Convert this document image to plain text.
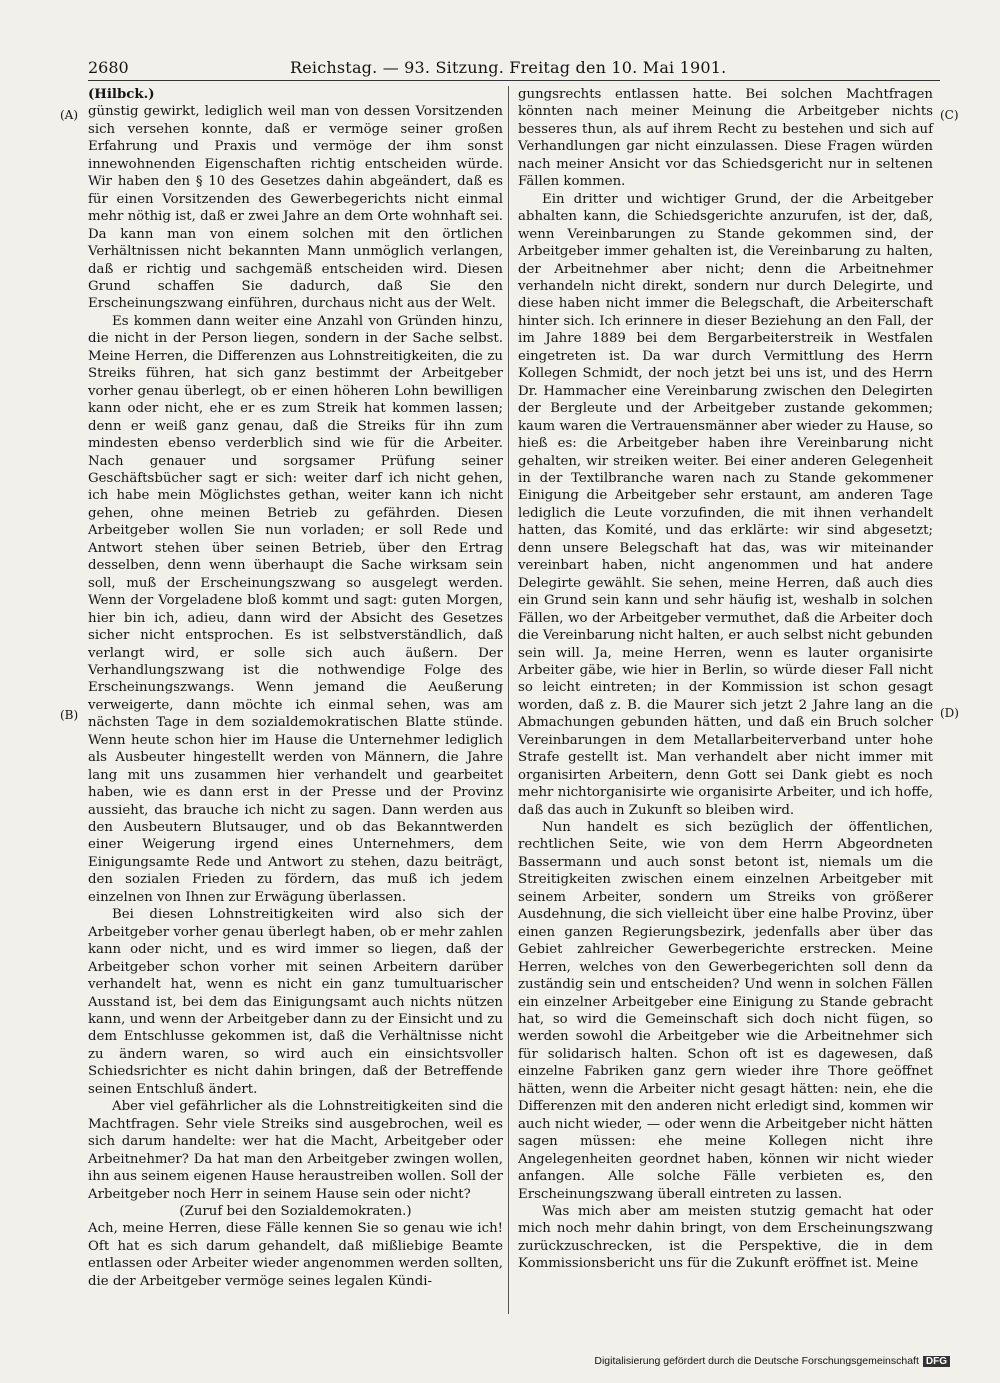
2680	Reichstag. — 93. Sitzung. Freitag den 10. Mai 1901.
(A)
(B)
(C)
(D)

(Hilbck.)

günstig gewirkt, lediglich weil man von dessen Vorsitzenden sich versehen konnte, daß er vermöge seiner großen Erfahrung und Praxis und vermöge der ihm sonst innewohnenden Eigenschaften richtig entscheiden würde. Wir haben den § 10 des Gesetzes dahin abgeändert, daß es für einen Vorsitzenden des Gewerbegerichts nicht einmal mehr nöthig ist, daß er zwei Jahre an dem Orte wohnhaft sei. Da kann man von einem solchen mit den örtlichen Verhältnissen nicht bekannten Mann unmöglich verlangen, daß er richtig und sachgemäß entscheiden wird. Diesen Grund schaffen Sie dadurch, daß Sie den Erscheinungszwang einführen, durchaus nicht aus der Welt.

Es kommen dann weiter eine Anzahl von Gründen hinzu, die nicht in der Person liegen, sondern in der Sache selbst. Meine Herren, die Differenzen aus Lohnstreitigkeiten, die zu Streiks führen, hat sich ganz bestimmt der Arbeitgeber vorher genau überlegt, ob er einen höheren Lohn bewilligen kann oder nicht, ehe er es zum Streik hat kommen lassen; denn er weiß ganz genau, daß die Streiks für ihn zum mindesten ebenso verderblich sind wie für die Arbeiter. Nach genauer und sorgsamer Prüfung seiner Geschäftsbücher sagt er sich: weiter darf ich nicht gehen, ich habe mein Möglichstes gethan, weiter kann ich nicht gehen, ohne meinen Betrieb zu gefährden. Diesen Arbeitgeber wollen Sie nun vorladen; er soll Rede und Antwort stehen über seinen Betrieb, über den Ertrag desselben, denn wenn überhaupt die Sache wirksam sein soll, muß der Erscheinungszwang so ausgelegt werden. Wenn der Vorgeladene bloß kommt und sagt: guten Morgen, hier bin ich, adieu, dann wird der Absicht des Gesetzes sicher nicht entsprochen. Es ist selbstverständlich, daß verlangt wird, er solle sich auch äußern. Der Verhandlungszwang ist die nothwendige Folge des Erscheinungszwangs. Wenn jemand die Aeußerung verweigerte, dann möchte ich einmal sehen, was am nächsten Tage in dem sozialdemokratischen Blatte stünde. Wenn heute schon hier im Hause die Unternehmer lediglich als Ausbeuter hingestellt werden von Männern, die Jahre lang mit uns zusammen hier verhandelt und gearbeitet haben, wie es dann erst in der Presse und der Provinz aussieht, das brauche ich nicht zu sagen. Dann werden aus den Ausbeutern Blutsauger, und ob das Bekanntwerden einer Weigerung irgend eines Unternehmers, dem Einigungsamte Rede und Antwort zu stehen, dazu beiträgt, den sozialen Frieden zu fördern, das muß ich jedem einzelnen von Ihnen zur Erwägung überlassen.

Bei diesen Lohnstreitigkeiten wird also sich der Arbeitgeber vorher genau überlegt haben, ob er mehr zahlen kann oder nicht, und es wird immer so liegen, daß der Arbeitgeber schon vorher mit seinen Arbeitern darüber verhandelt hat, wenn es nicht ein ganz tumultuarischer Ausstand ist, bei dem das Einigungsamt auch nichts nützen kann, und wenn der Arbeitgeber dann zu der Einsicht und zu dem Entschlusse gekommen ist, daß die Verhältnisse nicht zu ändern waren, so wird auch ein einsichtsvoller Schiedsrichter es nicht dahin bringen, daß der Betreffende seinen Entschluß ändert.

Aber viel gefährlicher als die Lohnstreitigkeiten sind die Machtfragen. Sehr viele Streiks sind ausgebrochen, weil es sich darum handelte: wer hat die Macht, Arbeitgeber oder Arbeitnehmer? Da hat man den Arbeitgeber zwingen wollen, ihn aus seinem eigenen Hause heraustreiben wollen. Soll der Arbeitgeber noch Herr in seinem Hause sein oder nicht?

(Zuruf bei den Sozialdemokraten.)

Ach, meine Herren, diese Fälle kennen Sie so genau wie ich! Oft hat es sich darum gehandelt, daß mißliebige Beamte entlassen oder Arbeiter wieder angenommen werden sollten, die der Arbeitgeber vermöge seines legalen Kündi-

gungsrechts entlassen hatte. Bei solchen Machtfragen könnten nach meiner Meinung die Arbeitgeber nichts besseres thun, als auf ihrem Recht zu bestehen und sich auf Verhandlungen gar nicht einzulassen. Diese Fragen würden nach meiner Ansicht vor das Schiedsgericht nur in seltenen Fällen kommen.

Ein dritter und wichtiger Grund, der die Arbeitgeber abhalten kann, die Schiedsgerichte anzurufen, ist der, daß, wenn Vereinbarungen zu Stande gekommen sind, der Arbeitgeber immer gehalten ist, die Vereinbarung zu halten, der Arbeitnehmer aber nicht; denn die Arbeitnehmer verhandeln nicht direkt, sondern nur durch Delegirte, und diese haben nicht immer die Belegschaft, die Arbeiterschaft hinter sich. Ich erinnere in dieser Beziehung an den Fall, der im Jahre 1889 bei dem Bergarbeiterstreik in Westfalen eingetreten ist. Da war durch Vermittlung des Herrn Kollegen Schmidt, der noch jetzt bei uns ist, und des Herrn Dr. Hammacher eine Vereinbarung zwischen den Delegirten der Bergleute und der Arbeitgeber zustande gekommen; kaum waren die Vertrauensmänner aber wieder zu Hause, so hieß es: die Arbeitgeber haben ihre Vereinbarung nicht gehalten, wir streiken weiter. Bei einer anderen Gelegenheit in der Textilbranche waren nach zu Stande gekommener Einigung die Arbeitgeber sehr erstaunt, am anderen Tage lediglich die Leute vorzufinden, die mit ihnen verhandelt hatten, das Komité, und das erklärte: wir sind abgesetzt; denn unsere Belegschaft hat das, was wir miteinander vereinbart haben, nicht angenommen und hat andere Delegirte gewählt. Sie sehen, meine Herren, daß auch dies ein Grund sein kann und sehr häufig ist, weshalb in solchen Fällen, wo der Arbeitgeber vermuthet, daß die Arbeiter doch die Vereinbarung nicht halten, er auch selbst nicht gebunden sein will. Ja, meine Herren, wenn es lauter organisirte Arbeiter gäbe, wie hier in Berlin, so würde dieser Fall nicht so leicht eintreten; in der Kommission ist schon gesagt worden, daß z. B. die Maurer sich jetzt 2 Jahre lang an die Abmachungen gebunden hätten, und daß ein Bruch solcher Vereinbarungen in dem Metallarbeiterverband unter hohe Strafe gestellt ist. Man verhandelt aber nicht immer mit organisirten Arbeitern, denn Gott sei Dank giebt es noch mehr nichtorganisirte wie organisirte Arbeiter, und ich hoffe, daß das auch in Zukunft so bleiben wird.

Nun handelt es sich bezüglich der öffentlichen, rechtlichen Seite, wie von dem Herrn Abgeordneten Bassermann und auch sonst betont ist, niemals um die Streitigkeiten zwischen einem einzelnen Arbeitgeber mit seinem Arbeiter, sondern um Streiks von größerer Ausdehnung, die sich vielleicht über eine halbe Provinz, über einen ganzen Regierungsbezirk, jedenfalls aber über das Gebiet zahlreicher Gewerbegerichte erstrecken. Meine Herren, welches von den Gewerbegerichten soll denn da zuständig sein und entscheiden? Und wenn in solchen Fällen ein einzelner Arbeitgeber eine Einigung zu Stande gebracht hat, so wird die Gemeinschaft sich doch nicht fügen, so werden sowohl die Arbeitgeber wie die Arbeitnehmer sich für solidarisch halten. Schon oft ist es dagewesen, daß einzelne Fabriken ganz gern wieder ihre Thore geöffnet hätten, wenn die Arbeiter nicht gesagt hätten: nein, ehe die Differenzen mit den anderen nicht erledigt sind, kommen wir auch nicht wieder, — oder wenn die Arbeitgeber nicht hätten sagen müssen: ehe meine Kollegen nicht ihre Angelegenheiten geordnet haben, können wir nicht wieder anfangen. Alle solche Fälle verbieten es, den Erscheinungszwang überall eintreten zu lassen.

Was mich aber am meisten stutzig gemacht hat oder mich noch mehr dahin bringt, von dem Erscheinungszwang zurückzuschrecken, ist die Perspektive, die in dem Kommissionsbericht uns für die Zukunft eröffnet ist. Meine

Digitalisierung gefördert durch die Deutsche Forschungsgemeinschaft DFG
